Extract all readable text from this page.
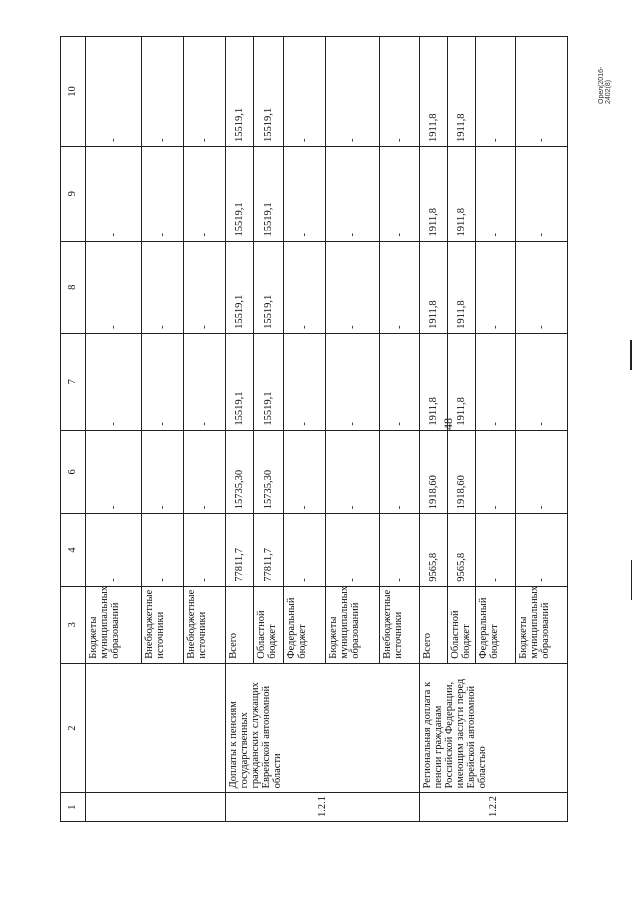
48
Орел(2016-2402(8)
1	2	3	4	6	7	8	9	10
		Бюджеты муниципальных образований	-	-	-	-	-	-
		Внебюджетные источники	-	-	-	-	-	-
		Внебюджетные источники	-	-	-	-	-	-
1.2.1	Доплаты к пенсиям государственных гражданских служащих Еврейской автономной области	Всего	77811,7	15735,30	15519,1	15519,1	15519,1	15519,1
		Областной бюджет	77811,7	15735,30	15519,1	15519,1	15519,1	15519,1
		Федеральный бюджет	-	-	-	-	-	-
		Бюджеты муниципальных образований	-	-	-	-	-	-
		Внебюджетные источники	-	-	-	-	-	-
1.2.2	Региональная доплата к пенсии гражданам Российской Федерации, имеющим заслуги перед Еврейской автономной областью	Всего	9565,8	1918,60	1911,8	1911,8	1911,8	1911,8
		Областной бюджет	9565,8	1918,60	1911,8	1911,8	1911,8	1911,8
		Федеральный бюджет	-	-	-	-	-	-
		Бюджеты муниципальных образований	-	-	-	-	-	-
